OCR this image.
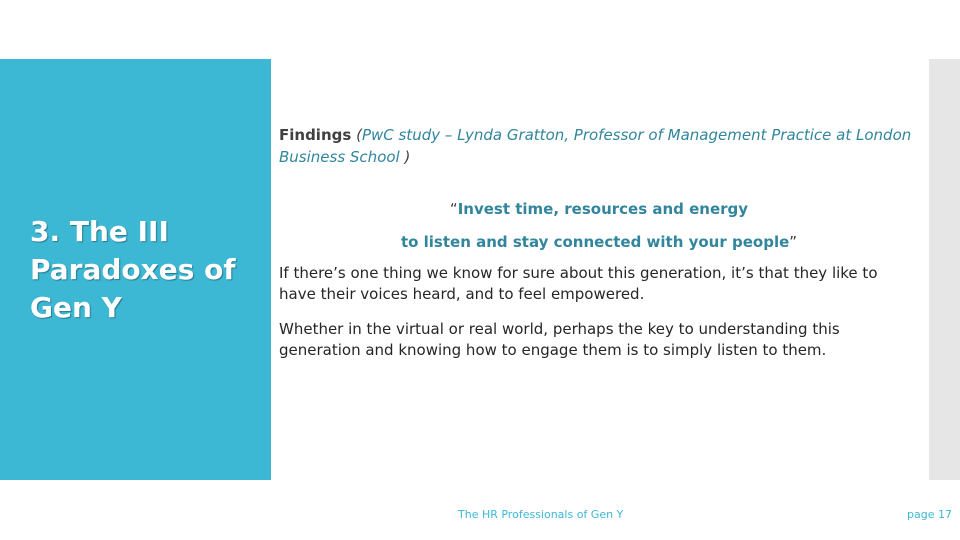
3. The III Paradoxes of Gen Y

Findings (PwC study – Lynda Gratton, Professor of Management Practice at London Business School )

“Invest time, resources and energy

to listen and stay connected with your people”

If there’s one thing we know for sure about this generation, it’s that they like to have their voices heard, and to feel empowered.

Whether in the virtual or real world, perhaps the key to understanding this generation and knowing how to engage them is to simply listen to them.

The HR Professionals of Gen Y	page 17
